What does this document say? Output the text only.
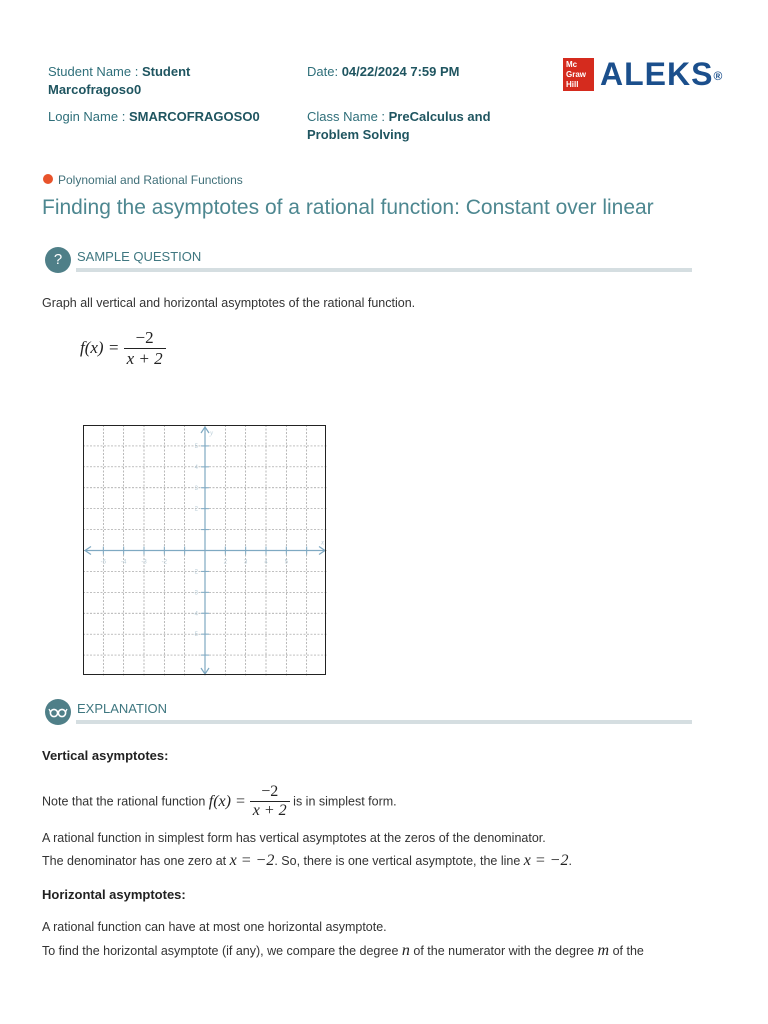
Student Name : Student
Marcofragoso0
Date: 04/22/2024 7:59 PM
Login Name : SMARCOFRAGOSO0	Class Name : PreCalculus and
Problem Solving
Mc
Graw
Hill ALEKS®
Polynomial and Rational Functions
Finding the asymptotes of a rational function: Constant over linear
?	SAMPLE QUESTION
Graph all vertical and horizontal asymptotes of the rational function.
$f(x) = \frac{-2}{x + 2}$
-5 -4 -3 -2	2	3	4	5
5
4
3
2
-2
-3
-4
-5
x
y
EXPLANATION
Vertical asymptotes:
Note that the rational function $f(x) = \frac{-2}{x + 2}$ is in simplest form.
A rational function in simplest form has vertical asymptotes at the zeros of the denominator.
The denominator has one zero at x = −2. So, there is one vertical asymptote, the line x = −2.
Horizontal asymptotes:
A rational function can have at most one horizontal asymptote.
To find the horizontal asymptote (if any), we compare the degree n of the numerator with the degree m of the
